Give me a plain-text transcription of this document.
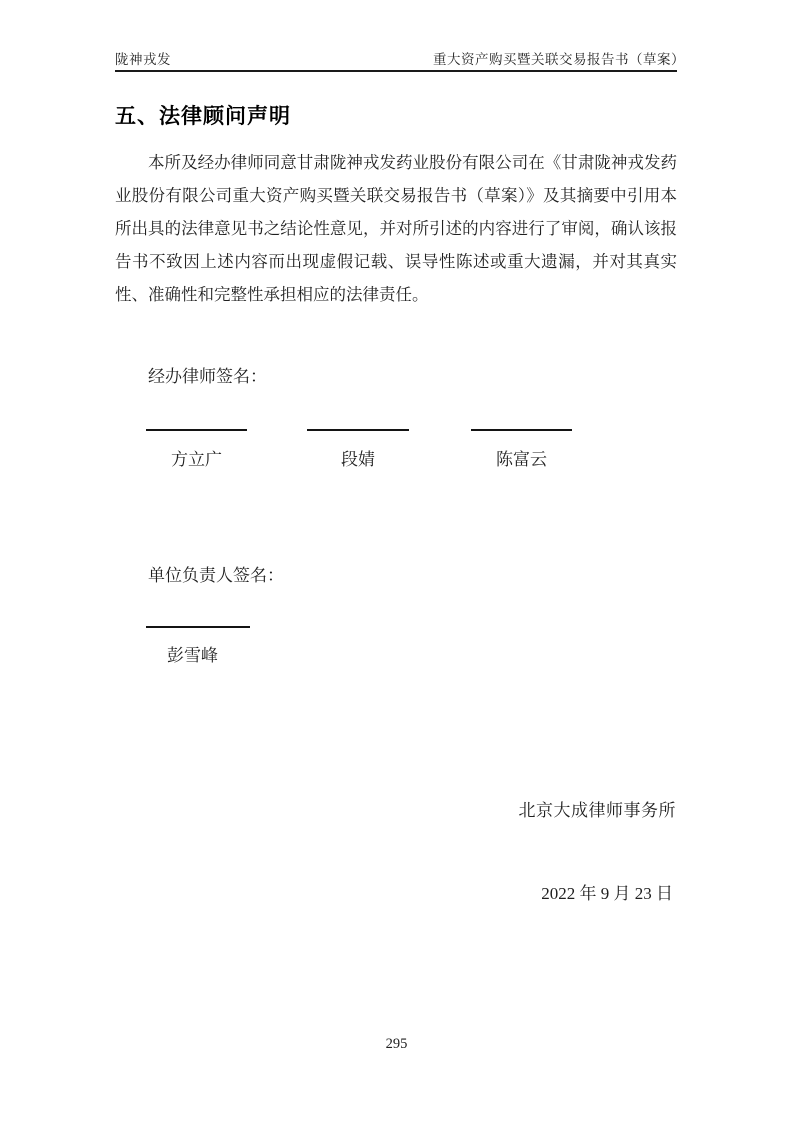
陇神戎发	重大资产购买暨关联交易报告书（草案）
五、法律顾问声明

本所及经办律师同意甘肃陇神戎发药业股份有限公司在《甘肃陇神戎发药业股份有限公司重大资产购买暨关联交易报告书（草案）》及其摘要中引用本所出具的法律意见书之结论性意见，并对所引述的内容进行了审阅，确认该报告书不致因上述内容而出现虚假记载、误导性陈述或重大遗漏，并对其真实性、准确性和完整性承担相应的法律责任。

经办律师签名：
方立广	段婧	陈富云
单位负责人签名：
彭雪峰
北京大成律师事务所
2022 年 9 月 23 日
295
